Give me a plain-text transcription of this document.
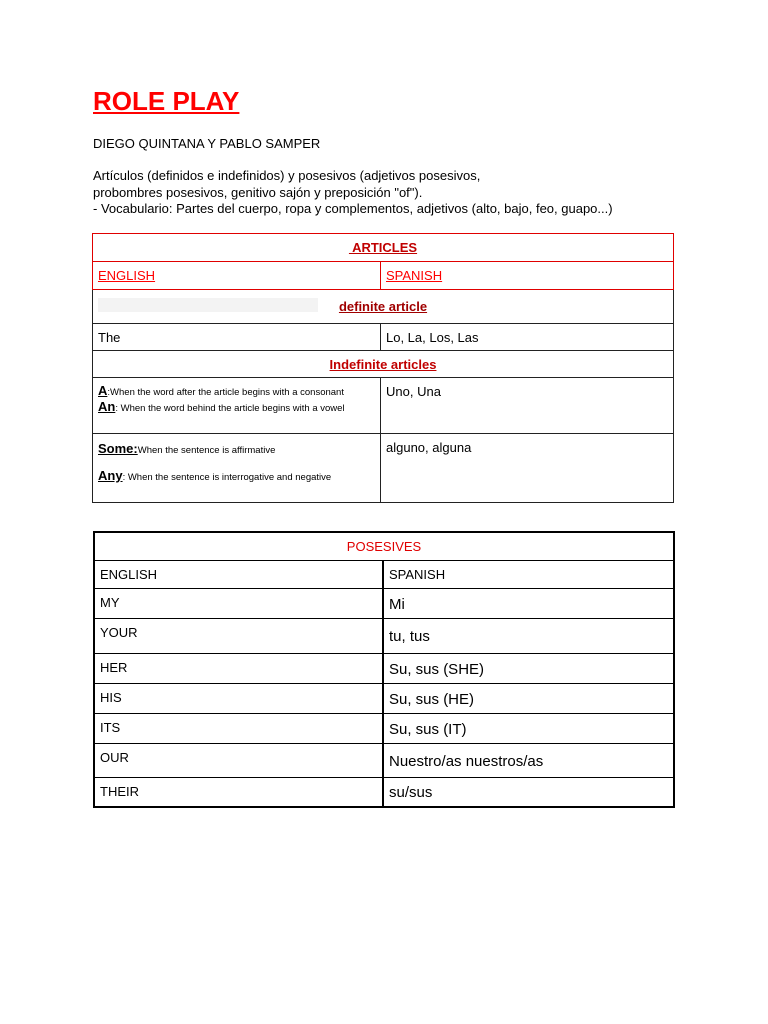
ROLE PLAY
DIEGO QUINTANA Y PABLO SAMPER
Artículos (definidos e indefinidos) y posesivos (adjetivos posesivos,
probombres posesivos, genitivo sajón y preposición "of").
- Vocabulario: Partes del cuerpo, ropa y complementos, adjetivos (alto, bajo, feo, guapo...)
ARTICLES	
ENGLISH	SPANISH

definite article	

The	Lo, La, Los, Las
Indefinite articles	

A:When the word after the article begins with a consonant
An: When the word behind the article begins with a vowel	Uno, Una

Some:When the sentence is affirmative
Any: When the sentence is interrogative and negative	alguno, alguna
POSESIVES	
ENGLISH	SPANISH
MY	Mi
YOUR	tu, tus
HER	Su, sus (SHE)
HIS	Su, sus (HE)
ITS	Su, sus (IT)
OUR	Nuestro/as nuestros/as
THEIR	su/sus
